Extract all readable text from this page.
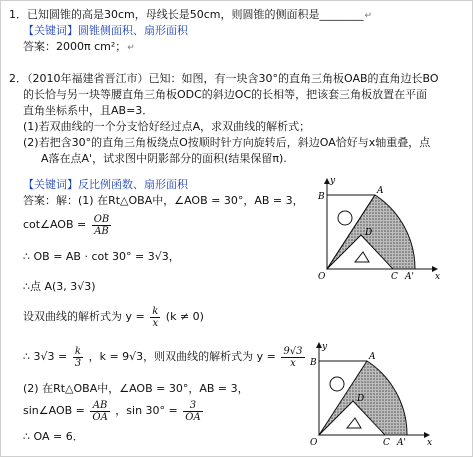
1．已知圆锥的高是30cm，母线长是50cm，则圆锥的侧面积是________↵
【关键词】圆锥侧面积、扇形面积
答案：2000π cm²；↵
2．（2010年福建省晋江市）已知：如图，有一块含30°的直角三角板OAB的直角边长BO
的长恰与另一块等腰直角三角板ODC的斜边OC的长相等，把该套三角板放置在平面
直角坐标系中，且AB=3．
(1)若双曲线的一个分支恰好经过点A，求双曲线的解析式；
(2)若把含30°的直角三角板绕点O按顺时针方向旋转后，斜边OA恰好与x轴重叠，点
A落在点A'，试求图中阴影部分的面积(结果保留π).
【关键词】反比例函数、扇形面积
答案：解：(1) 在Rt△OBA中，∠AOB = 30°，AB = 3，
cot∠AOB = $\frac{OB}{AB}$
∴ OB = AB · cot 30° = 3√3，
∴点 A(3, 3√3)
设双曲线的解析式为 $y = \frac{k}{x} (k \ne 0)$
∴ $3√3 = \frac{k}{3}$ ，k = 9√3，则双曲线的解析式为 $y = \frac{9√3}{x}$
(2) 在Rt△OBA中，∠AOB = 30°，AB = 3，
sin∠AOB = $\frac{AB}{OA}$ ，$\sin 30^\circ = \frac{3}{OA}$
∴ OA = 6．
y
x
O
A
B
D
C A'
y
x
O
A
B
D
C A'
